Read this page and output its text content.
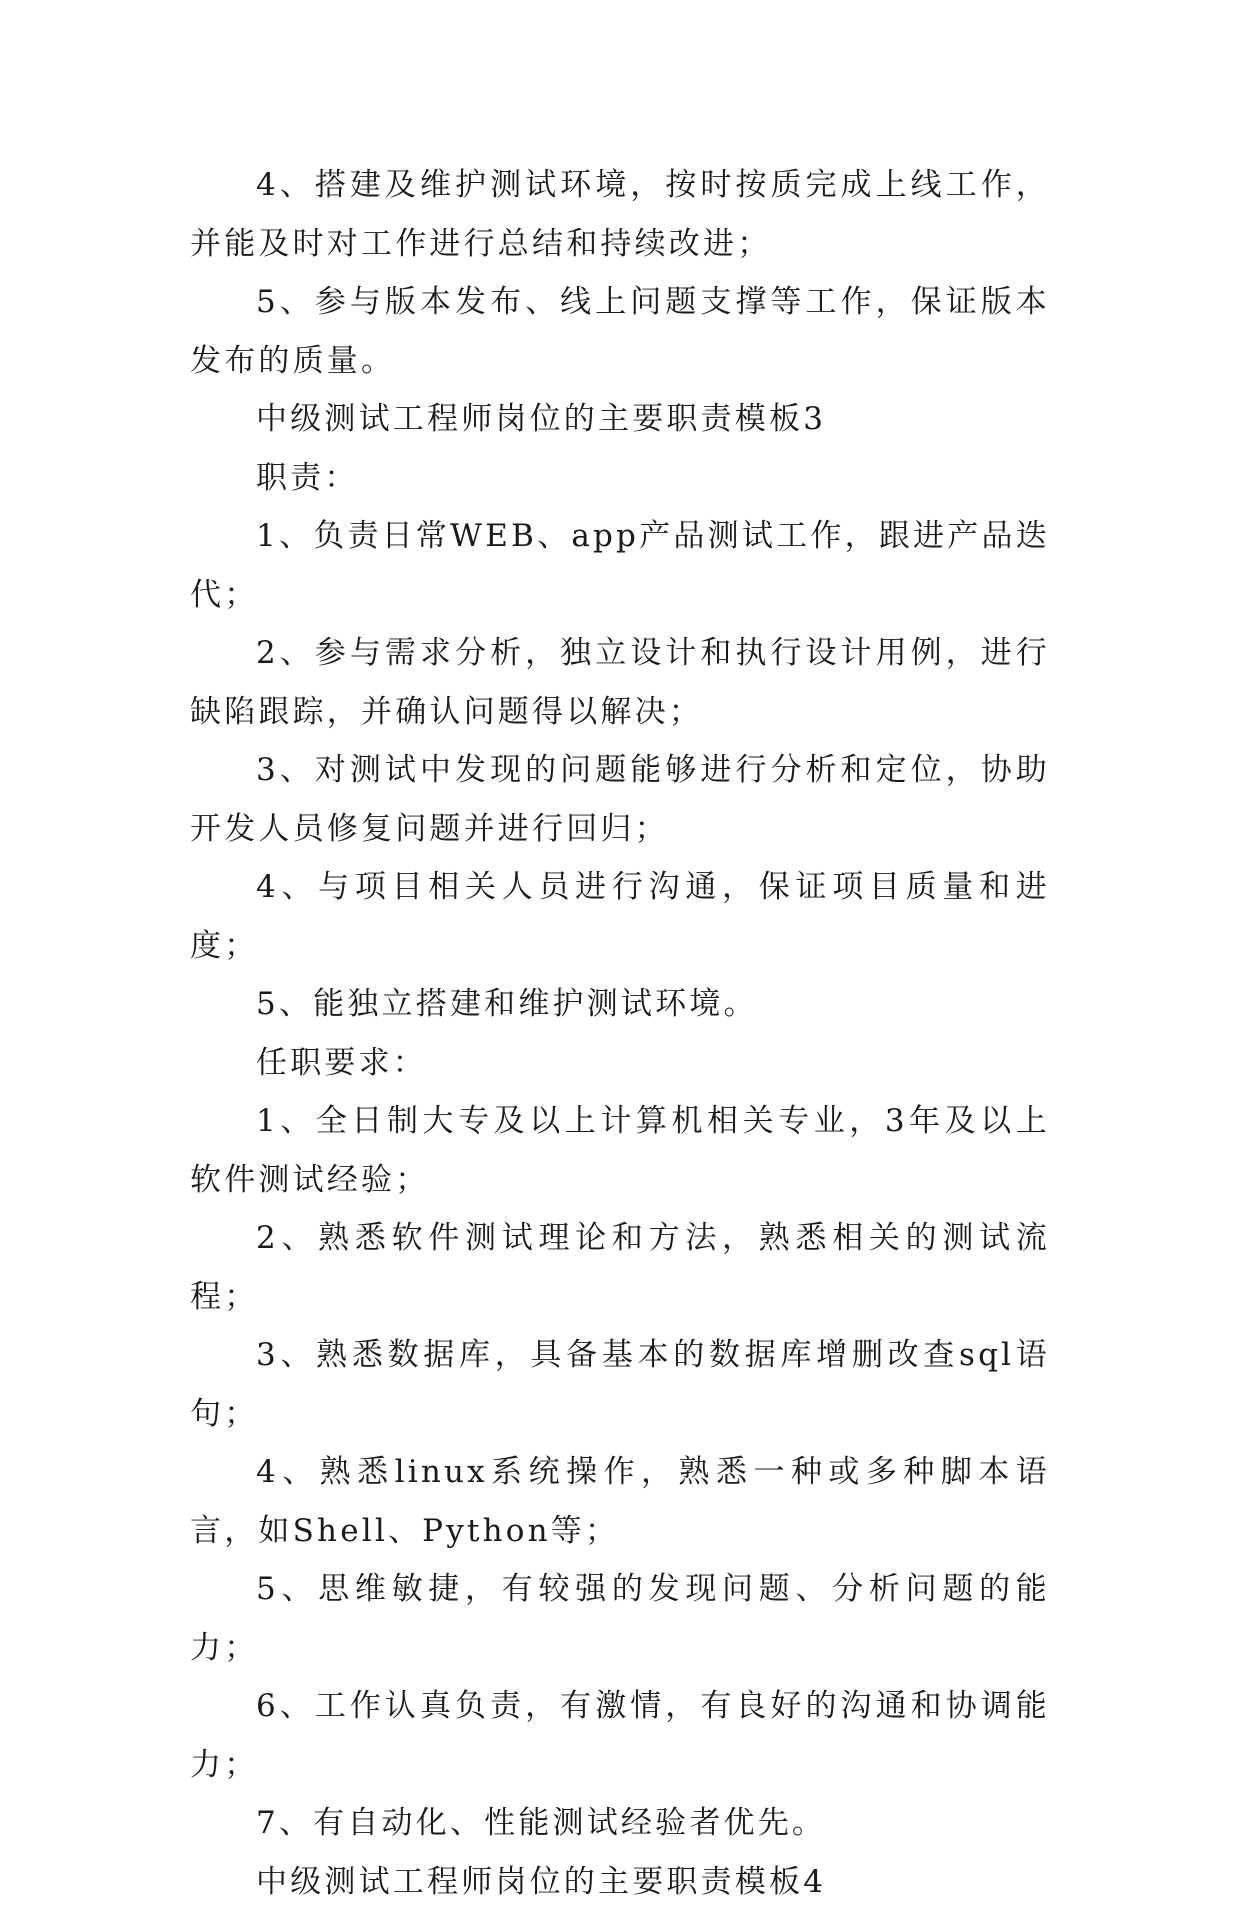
4、搭建及维护测试环境，按时按质完成上线工作，并能及时对工作进行总结和持续改进；

5、参与版本发布、线上问题支撑等工作，保证版本发布的质量。

中级测试工程师岗位的主要职责模板3

职责：

1、负责日常WEB、app产品测试工作，跟进产品迭代；

2、参与需求分析，独立设计和执行设计用例，进行缺陷跟踪，并确认问题得以解决；

3、对测试中发现的问题能够进行分析和定位，协助开发人员修复问题并进行回归；

4、与项目相关人员进行沟通，保证项目质量和进度；

5、能独立搭建和维护测试环境。

任职要求：

1、全日制大专及以上计算机相关专业，3年及以上软件测试经验；

2、熟悉软件测试理论和方法，熟悉相关的测试流程；

3、熟悉数据库，具备基本的数据库增删改查sql语句；

4、熟悉linux系统操作，熟悉一种或多种脚本语言，如Shell、Python等；

5、思维敏捷，有较强的发现问题、分析问题的能力；

6、工作认真负责，有激情，有良好的沟通和协调能力；

7、有自动化、性能测试经验者优先。

中级测试工程师岗位的主要职责模板4
